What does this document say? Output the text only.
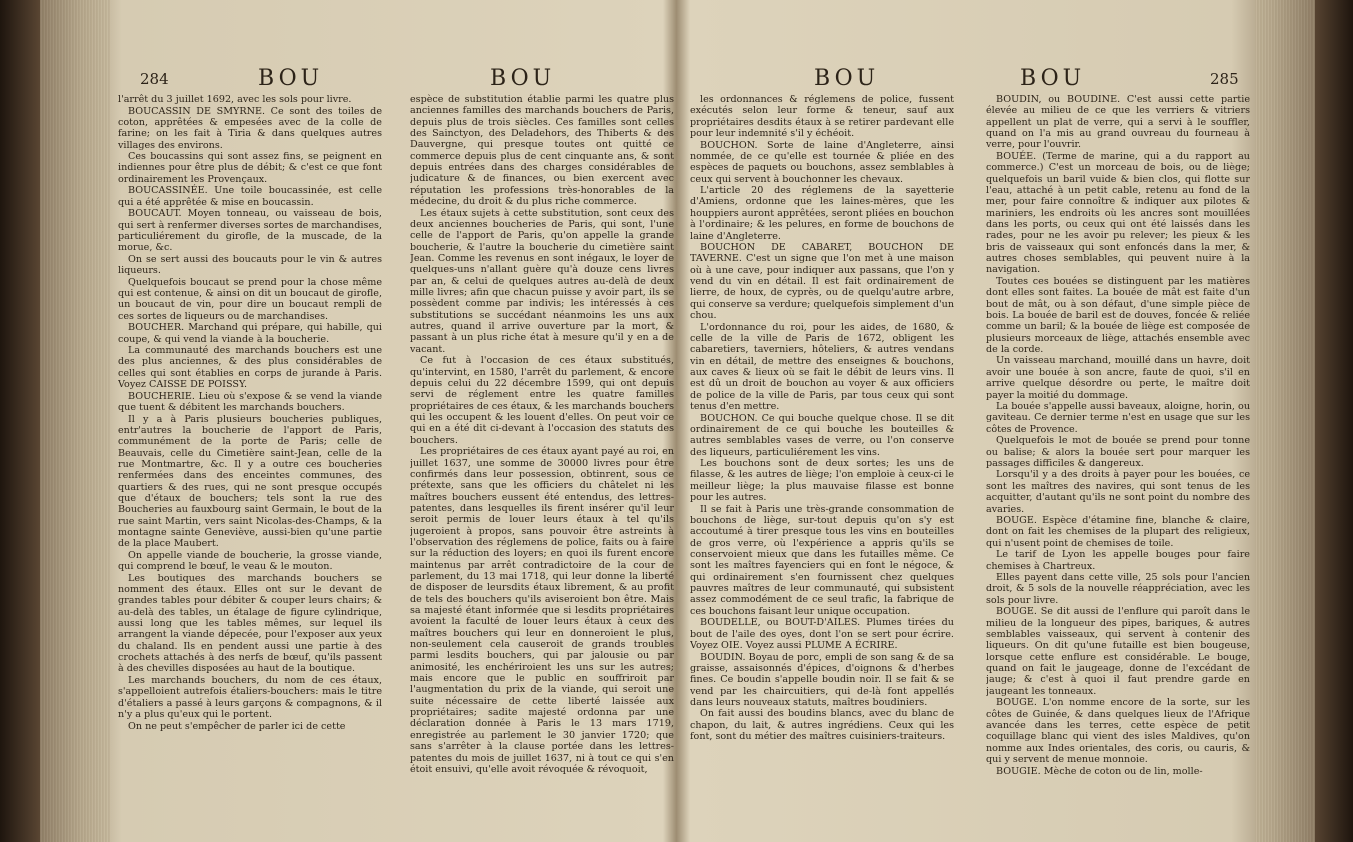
284	BOU	BOU

l'arrêt du 3 juillet 1692, avec les sols pour livre.

BOUCASSIN DE SMYRNE. Ce sont des toiles de coton, apprêtées & empesées avec de la colle de farine; on les fait à Tiria & dans quelques autres villages des environs.

Ces boucassins qui sont assez fins, se peignent en indiennes pour être plus de débit; & c'est ce que font ordinairement les Provençaux.

BOUCASSINÉE. Une toile boucassinée, est celle qui a été apprêtée & mise en boucassin.

BOUCAUT. Moyen tonneau, ou vaisseau de bois, qui sert à renfermer diverses sortes de marchandises, particuliérement du girofle, de la muscade, de la morue, &c.

On se sert aussi des boucauts pour le vin & autres liqueurs.

Quelquefois boucaut se prend pour la chose même qui est contenue, & ainsi on dit un boucaut de girofle, un boucaut de vin, pour dire un boucaut rempli de ces sortes de liqueurs ou de marchandises.

BOUCHER. Marchand qui prépare, qui habille, qui coupe, & qui vend la viande à la boucherie.

La communauté des marchands bouchers est une des plus anciennes, & des plus considérables de celles qui sont établies en corps de jurande à Paris. Voyez CAISSE DE POISSY.

BOUCHERIE. Lieu où s'expose & se vend la viande que tuent & débitent les marchands bouchers.

Il y a à Paris plusieurs boucheries publiques, entr'autres la boucherie de l'apport de Paris, communément de la porte de Paris; celle de Beauvais, celle du Cimetière saint-Jean, celle de la rue Montmartre, &c. Il y a outre ces boucheries renfermées dans des enceintes communes, des quartiers & des rues, qui ne sont presque occupés que d'étaux de bouchers; tels sont la rue des Boucheries au fauxbourg saint Germain, le bout de la rue saint Martin, vers saint Nicolas-des-Champs, & la montagne sainte Geneviève, aussi-bien qu'une partie de la place Maubert.

On appelle viande de boucherie, la grosse viande, qui comprend le bœuf, le veau & le mouton.

Les boutiques des marchands bouchers se nomment des étaux. Elles ont sur le devant de grandes tables pour débiter & couper leurs chairs; & au-delà des tables, un étalage de figure cylindrique, aussi long que les tables mêmes, sur lequel ils arrangent la viande dépecée, pour l'exposer aux yeux du chaland. Ils en pendent aussi une partie à des crochets attachés à des nerfs de bœuf, qu'ils passent à des chevilles disposées au haut de la boutique.

Les marchands bouchers, du nom de ces étaux, s'appelloient autrefois étaliers-bouchers: mais le titre d'étaliers a passé à leurs garçons & compagnons, & il n'y a plus qu'eux qui le portent.

On ne peut s'empêcher de parler ici de cette

espèce de substitution établie parmi les quatre plus anciennes familles des marchands bouchers de Paris, depuis plus de trois siècles. Ces familles sont celles des Sainctyon, des Deladehors, des Thiberts & des Dauvergne, qui presque toutes ont quitté ce commerce depuis plus de cent cinquante ans, & sont depuis entrées dans des charges considérables de judicature & de finances, ou bien exercent avec réputation les professions très-honorables de la médecine, du droit & du plus riche commerce.

Les étaux sujets à cette substitution, sont ceux des deux anciennes boucheries de Paris, qui sont, l'une celle de l'apport de Paris, qu'on appelle la grande boucherie, & l'autre la boucherie du cimetière saint Jean. Comme les revenus en sont inégaux, le loyer de quelques-uns n'allant guère qu'à douze cens livres par an, & celui de quelques autres au-delà de deux mille livres; afin que chacun puisse y avoir part, ils se possèdent comme par indivis; les intéressés à ces substitutions se succédant néanmoins les uns aux autres, quand il arrive ouverture par la mort, & passant à un plus riche état à mesure qu'il y en a de vacant.

Ce fut à l'occasion de ces étaux substitués, qu'intervint, en 1580, l'arrêt du parlement, & encore depuis celui du 22 décembre 1599, qui ont depuis servi de réglement entre les quatre familles propriétaires de ces étaux, & les marchands bouchers qui les occupent & les louent d'elles. On peut voir ce qui en a été dit ci-devant à l'occasion des statuts des bouchers.

Les propriétaires de ces étaux ayant payé au roi, en juillet 1637, une somme de 30000 livres pour être confirmés dans leur possession, obtinrent, sous ce prétexte, sans que les officiers du châtelet ni les maîtres bouchers eussent été entendus, des lettres-patentes, dans lesquelles ils firent insérer qu'il leur seroit permis de louer leurs étaux à tel qu'ils jugeroient à propos, sans pouvoir être astreints à l'observation des réglemens de police, faits ou à faire sur la réduction des loyers; en quoi ils furent encore maintenus par arrêt contradictoire de la cour de parlement, du 13 mai 1718, qui leur donne la liberté de disposer de leursdits étaux librement, & au profit de tels des bouchers qu'ils aviseroient bon être. Mais sa majesté étant informée que si lesdits propriétaires avoient la faculté de louer leurs étaux à ceux des maîtres bouchers qui leur en donneroient le plus, non-seulement cela causeroit de grands troubles parmi lesdits bouchers, qui par jalousie ou par animosité, les enchériroient les uns sur les autres; mais encore que le public en souffriroit par l'augmentation du prix de la viande, qui seroit une suite nécessaire de cette liberté laissée aux propriétaires; sadite majesté ordonna par une déclaration donnée à Paris le 13 mars 1719, enregistrée au parlement le 30 janvier 1720; que sans s'arrêter à la clause portée dans les lettres-patentes du mois de juillet 1637, ni à tout ce qui s'en étoit ensuivi, qu'elle avoit révoquée & révoquoit,

BOU	BOU	285

les ordonnances & réglemens de police, fussent exécutés selon leur forme & teneur, sauf aux propriétaires desdits étaux à se retirer pardevant elle pour leur indemnité s'il y échéoit.

BOUCHON. Sorte de laine d'Angleterre, ainsi nommée, de ce qu'elle est tournée & pliée en des espèces de paquets ou bouchons, assez semblables à ceux qui servent à bouchonner les chevaux.

L'article 20 des réglemens de la sayetterie d'Amiens, ordonne que les laines-mères, que les houppiers auront apprêtées, seront pliées en bouchon à l'ordinaire; & les pelures, en forme de bouchons de laine d'Angleterre.

BOUCHON DE CABARET, BOUCHON DE TAVERNE. C'est un signe que l'on met à une maison où à une cave, pour indiquer aux passans, que l'on y vend du vin en détail. Il est fait ordinairement de lierre, de houx, de cyprès, ou de quelqu'autre arbre, qui conserve sa verdure; quelquefois simplement d'un chou.

L'ordonnance du roi, pour les aides, de 1680, & celle de la ville de Paris de 1672, obligent les cabaretiers, taverniers, hôteliers, & autres vendans vin en détail, de mettre des enseignes & bouchons, aux caves & lieux où se fait le débit de leurs vins. Il est dû un droit de bouchon au voyer & aux officiers de police de la ville de Paris, par tous ceux qui sont tenus d'en mettre.

BOUCHON. Ce qui bouche quelque chose. Il se dit ordinairement de ce qui bouche les bouteilles & autres semblables vases de verre, ou l'on conserve des liqueurs, particuliérement les vins.

Les bouchons sont de deux sortes; les uns de filasse, & les autres de liège; l'on emploie à ceux-ci le meilleur liège; la plus mauvaise filasse est bonne pour les autres.

Il se fait à Paris une très-grande consommation de bouchons de liège, sur-tout depuis qu'on s'y est accoutumé à tirer presque tous les vins en bouteilles de gros verre, où l'expérience a appris qu'ils se conservoient mieux que dans les futailles même. Ce sont les maîtres fayenciers qui en font le négoce, & qui ordinairement s'en fournissent chez quelques pauvres maîtres de leur communauté, qui subsistent assez commodément de ce seul trafic, la fabrique de ces bouchons faisant leur unique occupation.

BOUDELLE, ou BOUT-D'AILES. Plumes tirées du bout de l'aile des oyes, dont l'on se sert pour écrire. Voyez OIE. Voyez aussi PLUME A ÉCRIRE.

BOUDIN. Boyau de porc, empli de son sang & de sa graisse, assaisonnés d'épices, d'oignons & d'herbes fines. Ce boudin s'appelle boudin noir. Il se fait & se vend par les chaircuitiers, qui de-là font appellés dans leurs nouveaux statuts, maîtres boudiniers.

On fait aussi des boudins blancs, avec du blanc de chapon, du lait, & autres ingrédiens. Ceux qui les font, sont du métier des maîtres cuisiniers-traiteurs.

BOUDIN, ou BOUDINE. C'est aussi cette partie élevée au milieu de ce que les verriers & vitriers appellent un plat de verre, qui a servi à le souffler, quand on l'a mis au grand ouvreau du fourneau à verre, pour l'ouvrir.

BOUÉE. (Terme de marine, qui a du rapport au commerce.) C'est un morceau de bois, ou de liège; quelquefois un baril vuide & bien clos, qui flotte sur l'eau, attaché à un petit cable, retenu au fond de la mer, pour faire connoître & indiquer aux pilotes & mariniers, les endroits où les ancres sont mouillées dans les ports, ou ceux qui ont été laissés dans les rades, pour ne les avoir pu relever; les pieux & les bris de vaisseaux qui sont enfoncés dans la mer, & autres choses semblables, qui peuvent nuire à la navigation.

Toutes ces bouées se distinguent par les matières dont elles sont faites. La bouée de mât est faite d'un bout de mât, ou à son défaut, d'une simple pièce de bois. La bouée de baril est de douves, foncée & reliée comme un baril; & la bouée de liège est composée de plusieurs morceaux de liège, attachés ensemble avec de la corde.

Un vaisseau marchand, mouillé dans un havre, doit avoir une bouée à son ancre, faute de quoi, s'il en arrive quelque désordre ou perte, le maître doit payer la moitié du dommage.

La bouée s'appelle aussi baveaux, aloigne, horin, ou gaviteau. Ce dernier terme n'est en usage que sur les côtes de Provence.

Quelquefois le mot de bouée se prend pour tonne ou balise; & alors la bouée sert pour marquer les passages difficiles & dangereux.

Lorsqu'il y a des droits à payer pour les bouées, ce sont les maîtres des navires, qui sont tenus de les acquitter, d'autant qu'ils ne sont point du nombre des avaries.

BOUGE. Espèce d'étamine fine, blanche & claire, dont on fait les chemises de la plupart des religieux, qui n'usent point de chemises de toile.

Le tarif de Lyon les appelle bouges pour faire chemises à Chartreux.

Elles payent dans cette ville, 25 sols pour l'ancien droit, & 5 sols de la nouvelle réappréciation, avec les sols pour livre.

BOUGE. Se dit aussi de l'enflure qui paroît dans le milieu de la longueur des pipes, bariques, & autres semblables vaisseaux, qui servent à contenir des liqueurs. On dit qu'une futaille est bien bougeuse, lorsque cette enflure est considérable. Le bouge, quand on fait le jaugeage, donne de l'excédant de jauge; & c'est à quoi il faut prendre garde en jaugeant les tonneaux.

BOUGE. L'on nomme encore de la sorte, sur les côtes de Guinée, & dans quelques lieux de l'Afrique avancée dans les terres, cette espèce de petit coquillage blanc qui vient des isles Maldives, qu'on nomme aux Indes orientales, des coris, ou cauris, & qui y servent de menue monnoie.

BOUGIE. Mèche de coton ou de lin, molle-
